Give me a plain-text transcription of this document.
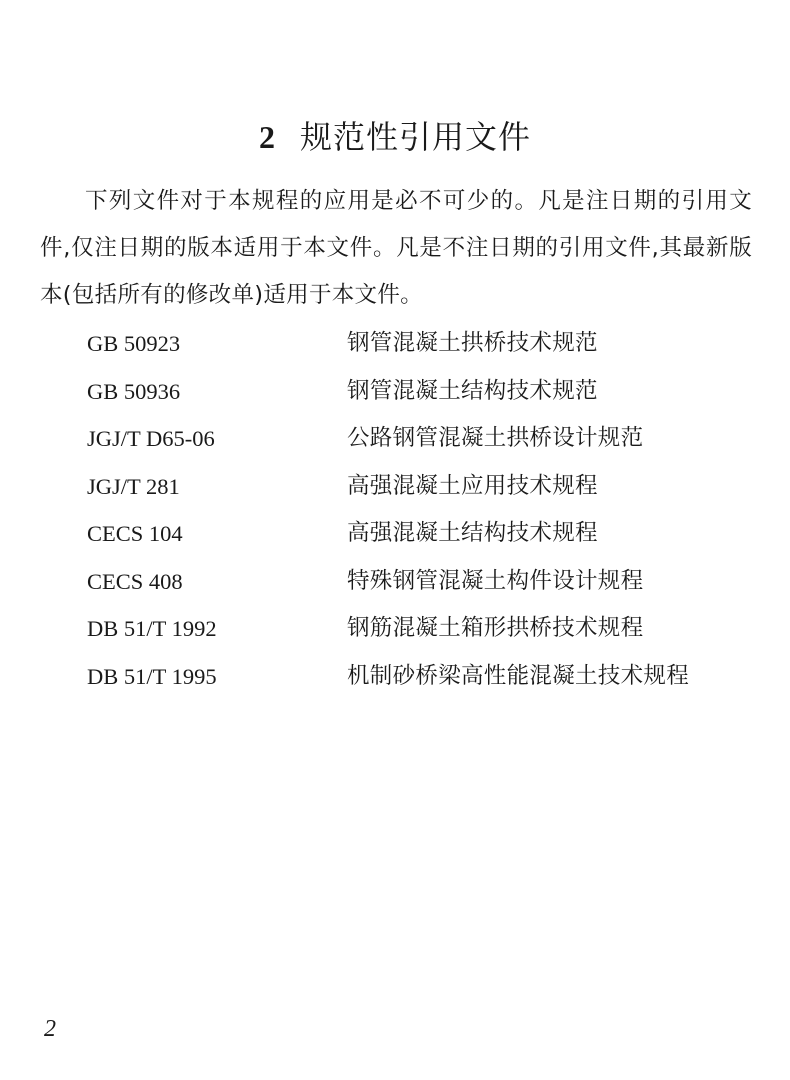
2 规范性引用文件

下列文件对于本规程的应用是必不可少的。凡是注日期的引用文件,仅注日期的版本适用于本文件。凡是不注日期的引用文件,其最新版本(包括所有的修改单)适用于本文件。

GB 50923	钢管混凝土拱桥技术规范
GB 50936	钢管混凝土结构技术规范
JGJ/T D65-06	公路钢管混凝土拱桥设计规范
JGJ/T 281	高强混凝土应用技术规程
CECS 104	高强混凝土结构技术规程
CECS 408	特殊钢管混凝土构件设计规程
DB 51/T 1992	钢筋混凝土箱形拱桥技术规程
DB 51/T 1995	机制砂桥梁高性能混凝土技术规程
2
